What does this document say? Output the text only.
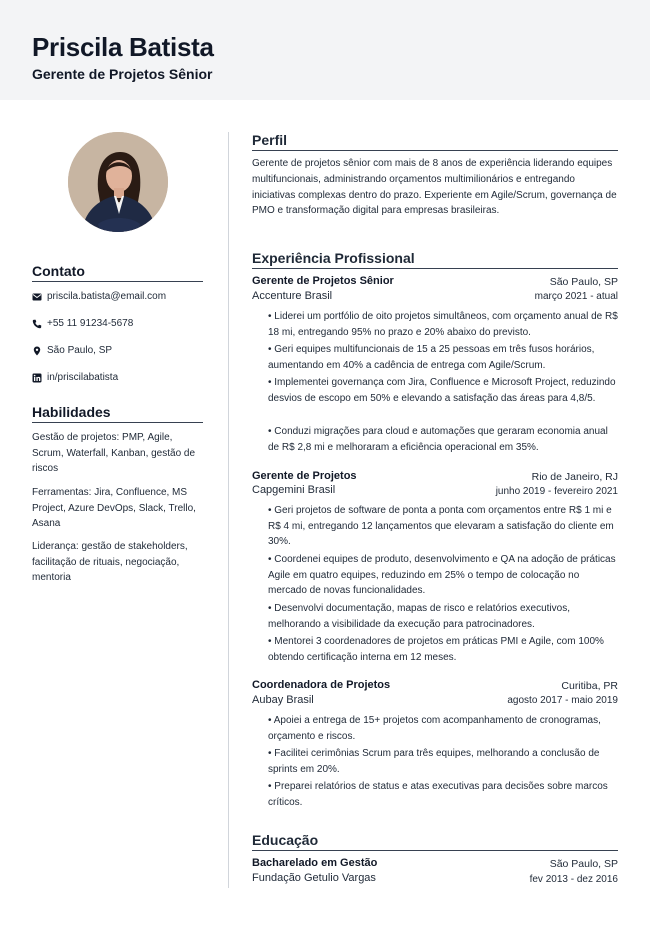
Priscila Batista
Gerente de Projetos Sênior
Contato
priscila.batista@email.com
+55 11 91234-5678
São Paulo, SP
in/priscilabatista
Habilidades
Gestão de projetos: PMP, Agile, Scrum, Waterfall, Kanban, gestão de riscos
Ferramentas: Jira, Confluence, MS Project, Azure DevOps, Slack, Trello, Asana
Liderança: gestão de stakeholders, facilitação de rituais, negociação, mentoria
Perfil
Gerente de projetos sênior com mais de 8 anos de experiência liderando equipes multifuncionais, administrando orçamentos multimilionários e entregando iniciativas complexas dentro do prazo. Experiente em Agile/Scrum, governança de PMO e transformação digital para empresas brasileiras.
Experiência Profissional
Gerente de Projetos Sênior	São Paulo, SP
Accenture Brasil	março 2021 - atual
• Liderei um portfólio de oito projetos simultâneos, com orçamento anual de R$ 18 mi, entregando 95% no prazo e 20% abaixo do previsto.
• Geri equipes multifuncionais de 15 a 25 pessoas em três fusos horários, aumentando em 40% a cadência de entrega com Agile/Scrum.
• Implementei governança com Jira, Confluence e Microsoft Project, reduzindo desvios de escopo em 50% e elevando a satisfação das áreas para 4,8/5.
• Conduzi migrações para cloud e automações que geraram economia anual de R$ 2,8 mi e melhoraram a eficiência operacional em 35%.
Gerente de Projetos	Rio de Janeiro, RJ
Capgemini Brasil	junho 2019 - fevereiro 2021
• Geri projetos de software de ponta a ponta com orçamentos entre R$ 1 mi e R$ 4 mi, entregando 12 lançamentos que elevaram a satisfação do cliente em 30%.
• Coordenei equipes de produto, desenvolvimento e QA na adoção de práticas Agile em quatro equipes, reduzindo em 25% o tempo de colocação no mercado de novas funcionalidades.
• Desenvolvi documentação, mapas de risco e relatórios executivos, melhorando a visibilidade da execução para patrocinadores.
• Mentorei 3 coordenadores de projetos em práticas PMI e Agile, com 100% obtendo certificação interna em 12 meses.
Coordenadora de Projetos	Curitiba, PR
Aubay Brasil	agosto 2017 - maio 2019
• Apoiei a entrega de 15+ projetos com acompanhamento de cronogramas, orçamento e riscos.
• Facilitei cerimônias Scrum para três equipes, melhorando a conclusão de sprints em 20%.
• Preparei relatórios de status e atas executivas para decisões sobre marcos críticos.
Educação
Bacharelado em Gestão	São Paulo, SP
Fundação Getulio Vargas	fev 2013 - dez 2016
